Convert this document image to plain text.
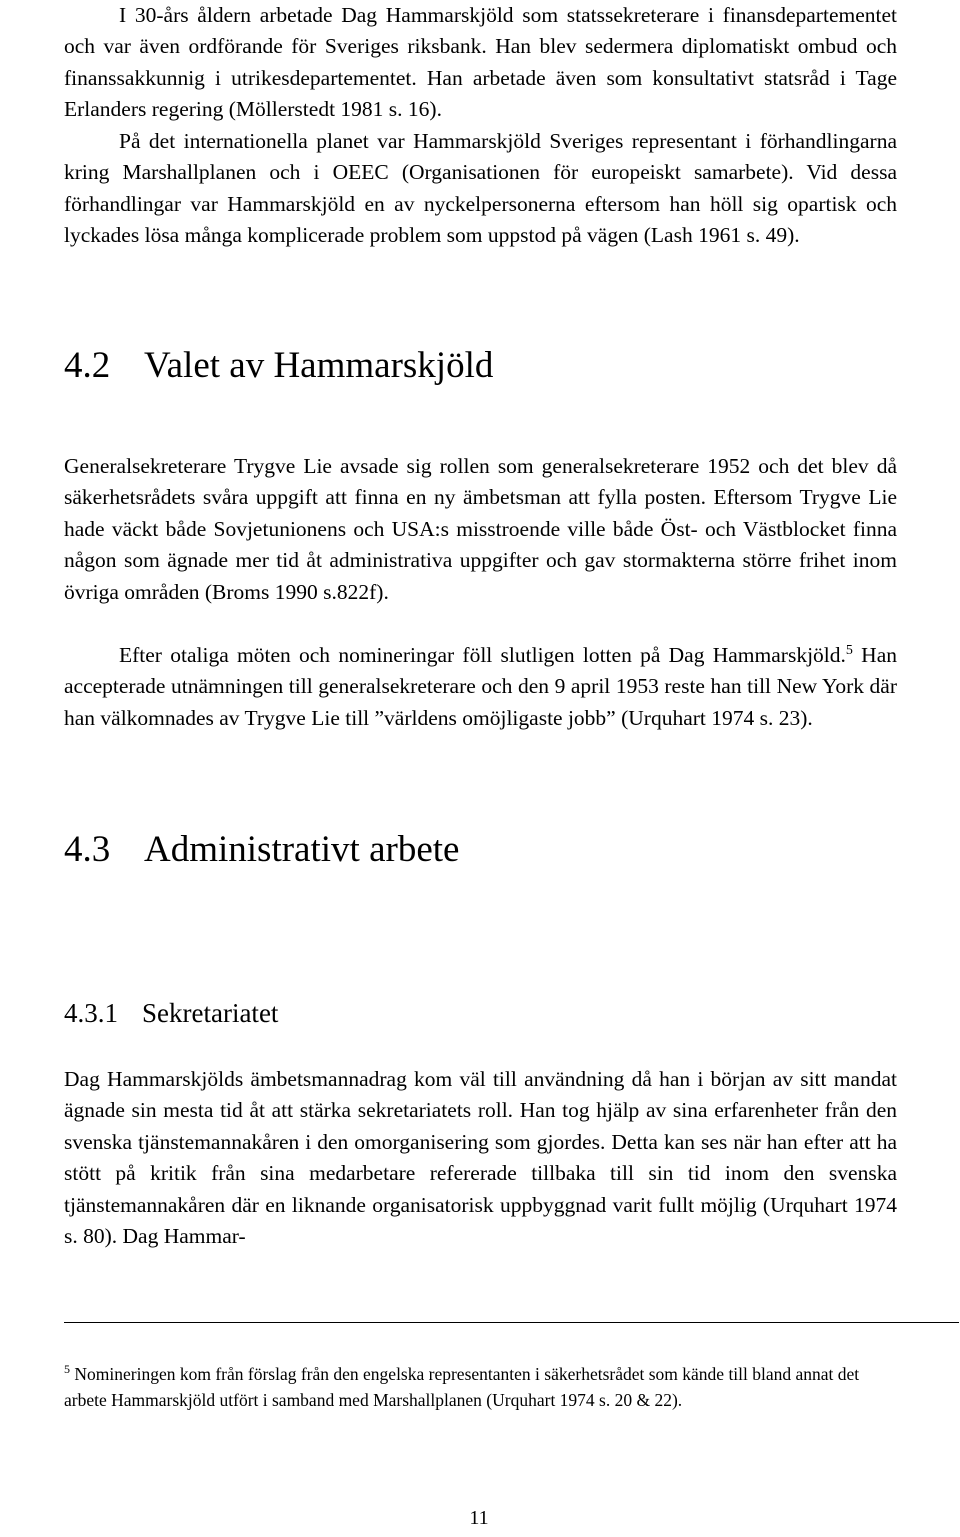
I 30-års åldern arbetade Dag Hammarskjöld som statssekreterare i finansdepartementet och var även ordförande för Sveriges riksbank. Han blev sedermera diplomatiskt ombud och finanssakkunnig i utrikesdepartementet. Han arbetade även som konsultativt statsråd i Tage Erlanders regering (Möllerstedt 1981 s. 16).

På det internationella planet var Hammarskjöld Sveriges representant i förhandlingarna kring Marshallplanen och i OEEC (Organisationen för europeiskt samarbete). Vid dessa förhandlingar var Hammarskjöld en av nyckelpersonerna eftersom han höll sig opartisk och lyckades lösa många komplicerade problem som uppstod på vägen (Lash 1961 s. 49).

4.2 Valet av Hammarskjöld

Generalsekreterare Trygve Lie avsade sig rollen som generalsekreterare 1952 och det blev då säkerhetsrådets svåra uppgift att finna en ny ämbetsman att fylla posten. Eftersom Trygve Lie hade väckt både Sovjetunionens och USA:s misstroende ville både Öst- och Västblocket finna någon som ägnade mer tid åt administrativa uppgifter och gav stormakterna större frihet inom övriga områden (Broms 1990 s.822f).

Efter otaliga möten och nomineringar föll slutligen lotten på Dag Hammarskjöld.$^5$ Han accepterade utnämningen till generalsekreterare och den 9 april 1953 reste han till New York där han välkomnades av Trygve Lie till ”världens omöjligaste jobb” (Urquhart 1974 s. 23).

4.3 Administrativt arbete
4.3.1 Sekretariatet

Dag Hammarskjölds ämbetsmannadrag kom väl till användning då han i början av sitt mandat ägnade sin mesta tid åt att stärka sekretariatets roll. Han tog hjälp av sina erfarenheter från den svenska tjänstemannakåren i den omorganisering som gjordes. Detta kan ses när han efter att ha stött på kritik från sina medarbetare refererade tillbaka till sin tid inom den svenska tjänstemannakåren där en liknande organisatorisk uppbyggnad varit fullt möjlig (Urquhart 1974 s. 80). Dag Hammar-

$^5$ Nomineringen kom från förslag från den engelska representanten i säkerhetsrådet som kände till bland annat det arbete Hammarskjöld utfört i samband med Marshallplanen (Urquhart 1974 s. 20 & 22).

11
